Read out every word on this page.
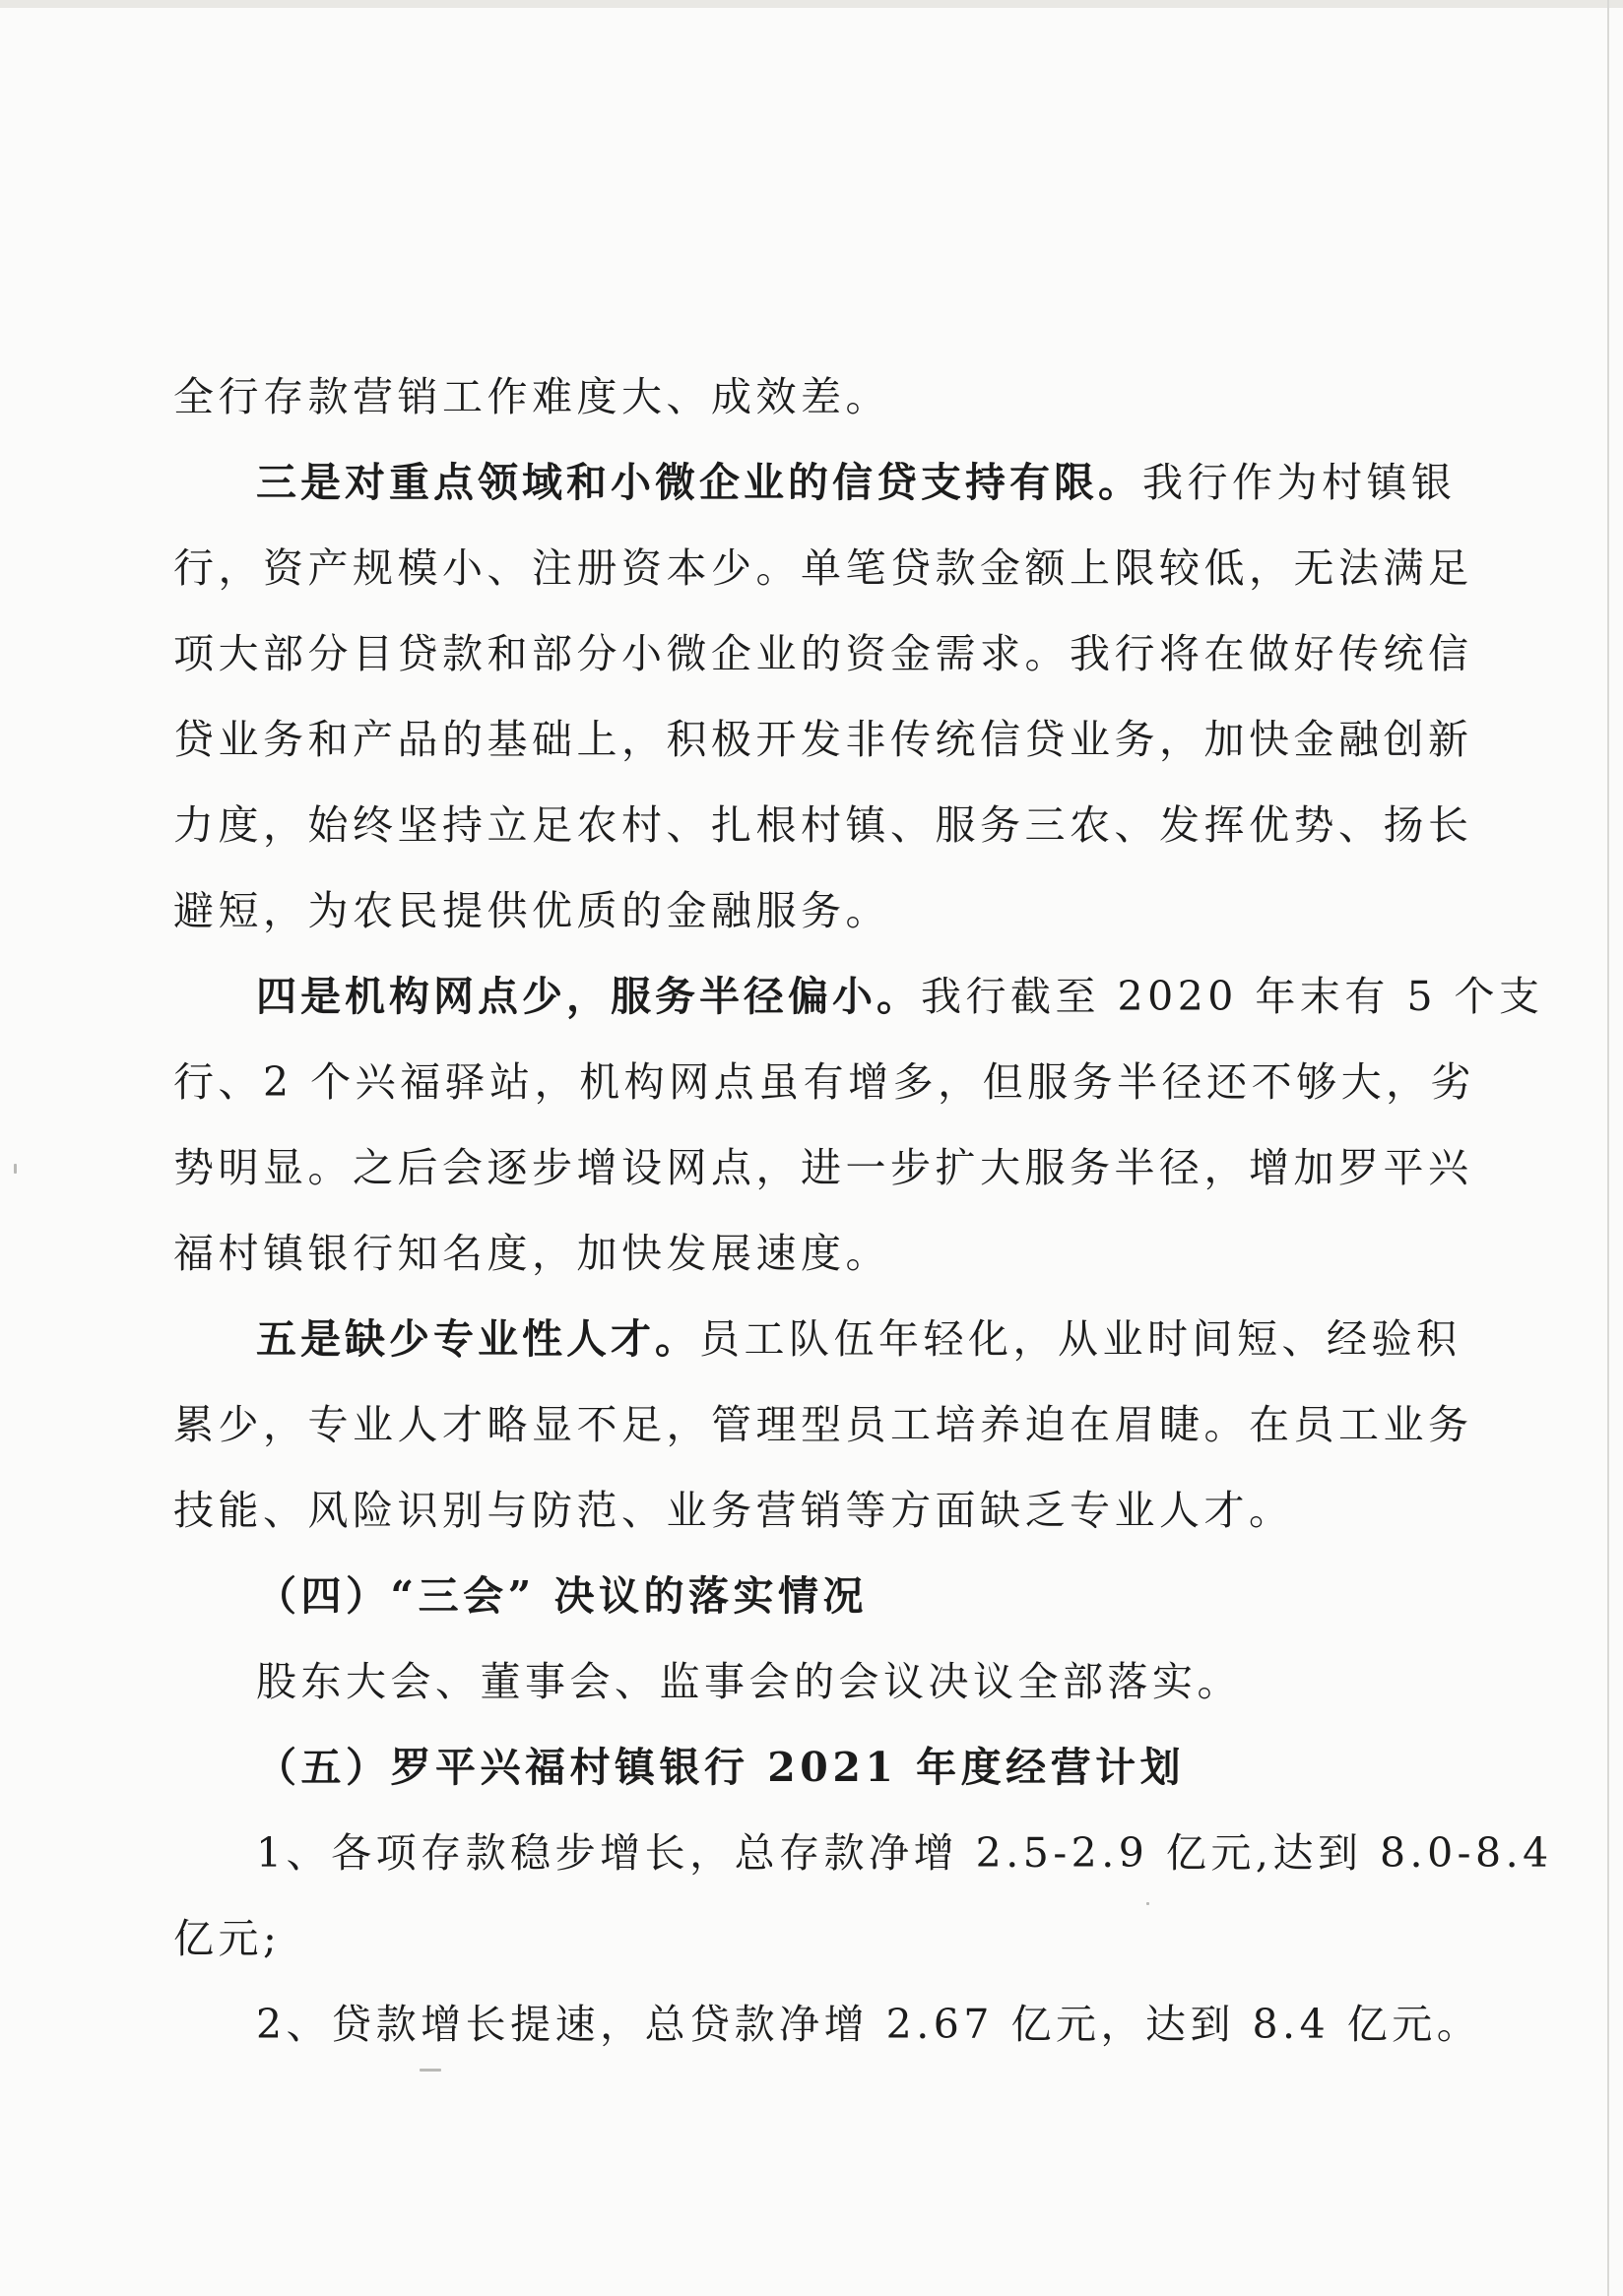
全行存款营销工作难度大、成效差。

三是对重点领域和小微企业的信贷支持有限。我行作为村镇银

行，资产规模小、注册资本少。单笔贷款金额上限较低，无法满足

项大部分目贷款和部分小微企业的资金需求。我行将在做好传统信

贷业务和产品的基础上，积极开发非传统信贷业务，加快金融创新

力度，始终坚持立足农村、扎根村镇、服务三农、发挥优势、扬长

避短，为农民提供优质的金融服务。

四是机构网点少，服务半径偏小。我行截至 2020 年末有 5 个支

行、2 个兴福驿站，机构网点虽有增多，但服务半径还不够大，劣

势明显。之后会逐步增设网点，进一步扩大服务半径，增加罗平兴

福村镇银行知名度，加快发展速度。

五是缺少专业性人才。员工队伍年轻化，从业时间短、经验积

累少，专业人才略显不足，管理型员工培养迫在眉睫。在员工业务

技能、风险识别与防范、业务营销等方面缺乏专业人才。

（四）“三会” 决议的落实情况

股东大会、董事会、监事会的会议决议全部落实。

（五）罗平兴福村镇银行 2021 年度经营计划

1、各项存款稳步增长，总存款净增 2.5-2.9 亿元,达到 8.0-8.4

亿元;

2、贷款增长提速，总贷款净增 2.67 亿元，达到 8.4 亿元。
